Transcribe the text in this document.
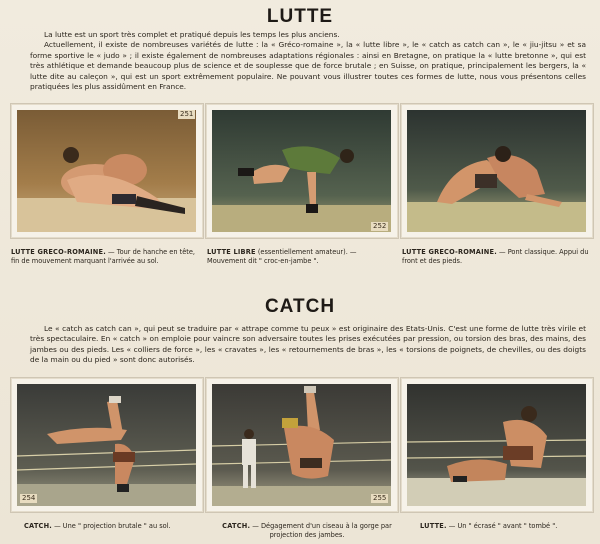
LUTTE

La lutte est un sport très complet et pratiqué depuis les temps les plus anciens.

Actuellement, il existe de nombreuses variétés de lutte : la « Gréco-romaine », la « lutte libre », le « catch as catch can », le « jiu-jitsu » et sa forme sportive le « judo » ; il existe également de nombreuses adaptations régionales : ainsi en Bretagne, on pratique la « lutte bretonne », qui est très athlétique et demande beaucoup plus de science et de souplesse que de force brutale ; en Suisse, on pratique, principalement les bergers, la « lutte dite au caleçon », qui est un sport extrêmement populaire. Ne pouvant vous illustrer toutes ces formes de lutte, nous vous présentons celles pratiquées les plus assidûment en France.

251
LUTTE GRECO-ROMAINE. — Tour de hanche en tête, fin de mouvement marquant l'arrivée au sol.
252
LUTTE LIBRE (essentiellement amateur). — Mouvement dit " croc-en-jambe ".
LUTTE GRECO-ROMAINE. — Pont classique. Appui du front et des pieds.
CATCH

Le « catch as catch can », qui peut se traduire par « attrape comme tu peux » est originaire des Etats-Unis. C'est une forme de lutte très virile et très spectaculaire. En « catch » on emploie pour vaincre son adversaire toutes les prises exécutées par pression, ou torsion des bras, des mains, des jambes ou des pieds. Les « colliers de force », les « cravates », les « retournements de bras », les « torsions de poignets, de chevilles, ou des doigts de la main ou du pied » sont donc autorisés.

254
CATCH. — Une " projection brutale " au sol.
255
CATCH. — Dégagement d'un ciseau à la gorge par projection des jambes.
LUTTE. — Un " écrasé " avant " tombé ".
